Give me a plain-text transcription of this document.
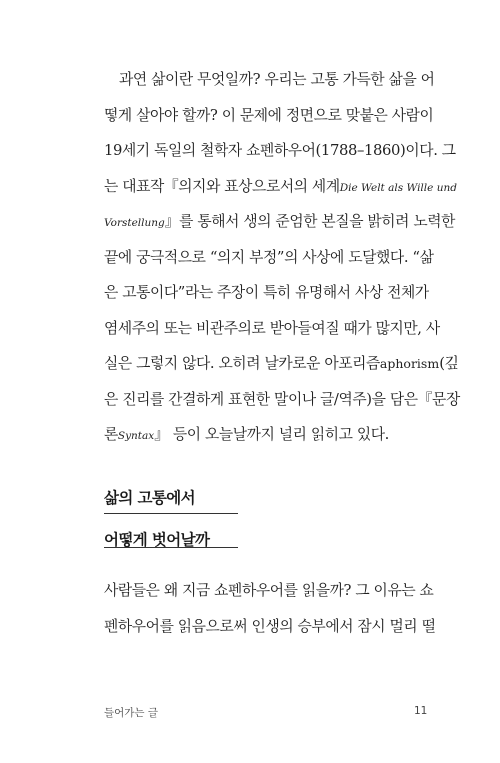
과연 삶이란 무엇일까? 우리는 고통 가득한 삶을 어
떻게 살아야 할까? 이 문제에 정면으로 맞붙은 사람이
19세기 독일의 철학자 쇼펜하우어(1788–1860)이다. 그
는 대표작『의지와 표상으로서의 세계Die Welt als Wille und
Vorstellung』를 통해서 생의 준엄한 본질을 밝히려 노력한
끝에 궁극적으로 “의지 부정”의 사상에 도달했다. “삶
은 고통이다”라는 주장이 특히 유명해서 사상 전체가
염세주의 또는 비관주의로 받아들여질 때가 많지만, 사
실은 그렇지 않다. 오히려 날카로운 아포리즘aphorism(깊
은 진리를 간결하게 표현한 말이나 글/역주)을 담은『문장
론Syntax』 등이 오늘날까지 널리 읽히고 있다.
삶의 고통에서
어떻게 벗어날까
사람들은 왜 지금 쇼펜하우어를 읽을까? 그 이유는 쇼
펜하우어를 읽음으로써 인생의 승부에서 잠시 멀리 떨
들어가는 글	11
